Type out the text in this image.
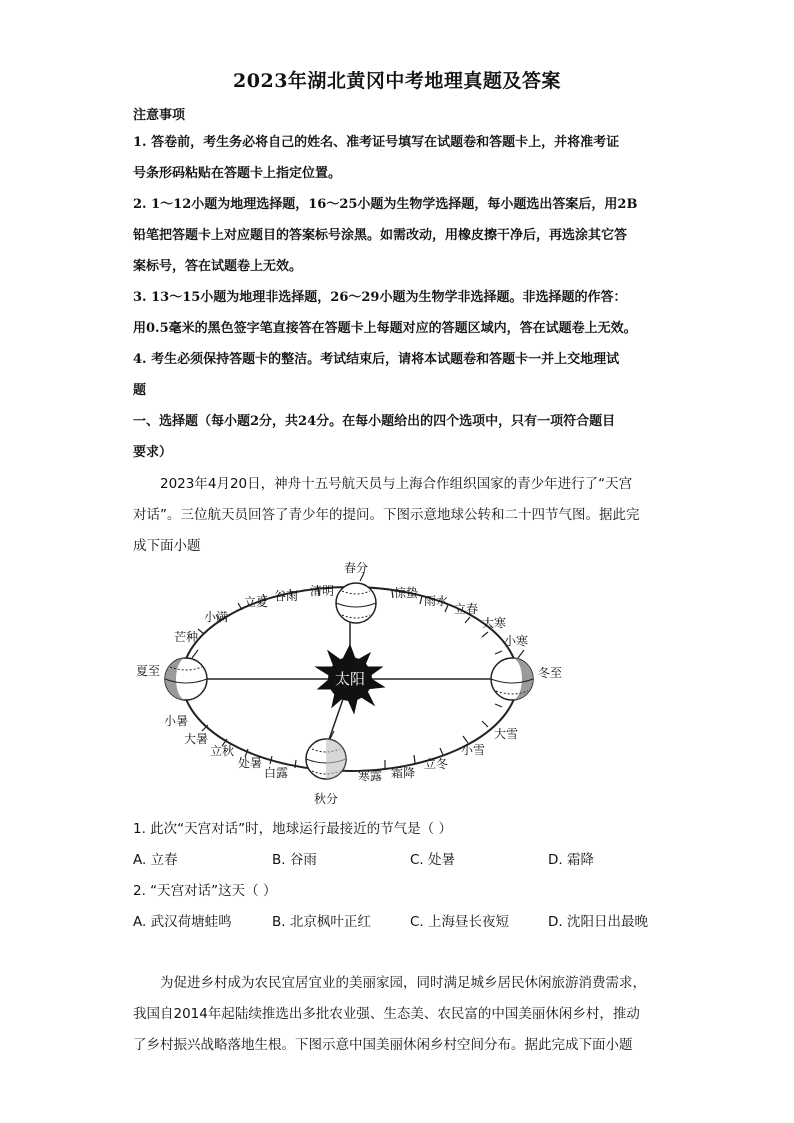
2023年湖北黄冈中考地理真题及答案
注意事项
1. 答卷前，考生务必将自己的姓名、准考证号填写在试题卷和答题卡上，并将准考证
号条形码粘贴在答题卡上指定位置。
2. 1～12小题为地理选择题，16～25小题为生物学选择题，每小题选出答案后，用2B
铅笔把答题卡上对应题目的答案标号涂黑。如需改动，用橡皮擦干净后，再选涂其它答
案标号，答在试题卷上无效。
3. 13～15小题为地理非选择题，26～29小题为生物学非选择题。非选择题的作答：
用0.5毫米的黑色签字笔直接答在答题卡上每题对应的答题区域内，答在试题卷上无效。
4. 考生必须保持答题卡的整洁。考试结束后，请将本试题卷和答题卡一并上交地理试
题
一、选择题（每小题2分，共24分。在每小题给出的四个选项中，只有一项符合题目
要求）
2023年4月20日，神舟十五号航天员与上海合作组织国家的青少年进行了“天宫
对话”。三位航天员回答了青少年的提问。下图示意地球公转和二十四节气图。据此完
成下面小题
太阳
春分
惊蛰
雨水
立春
大寒
小寒
冬至
大雪
小雪
立冬
霜降
寒露
秋分
白露
处暑
立秋
大暑
小暑
夏至
芒种
小满
立夏 谷雨 清明
1. 此次“天宫对话”时，地球运行最接近的节气是（ ）
A. 立春	B. 谷雨	C. 处暑	D. 霜降
2. “天宫对话”这天（ ）
A. 武汉荷塘蛙鸣	B. 北京枫叶正红	C. 上海昼长夜短	D. 沈阳日出最晚
为促进乡村成为农民宜居宜业的美丽家园，同时满足城乡居民休闲旅游消费需求，
我国自2014年起陆续推选出多批农业强、生态美、农民富的中国美丽休闲乡村，推动
了乡村振兴战略落地生根。下图示意中国美丽休闲乡村空间分布。据此完成下面小题
